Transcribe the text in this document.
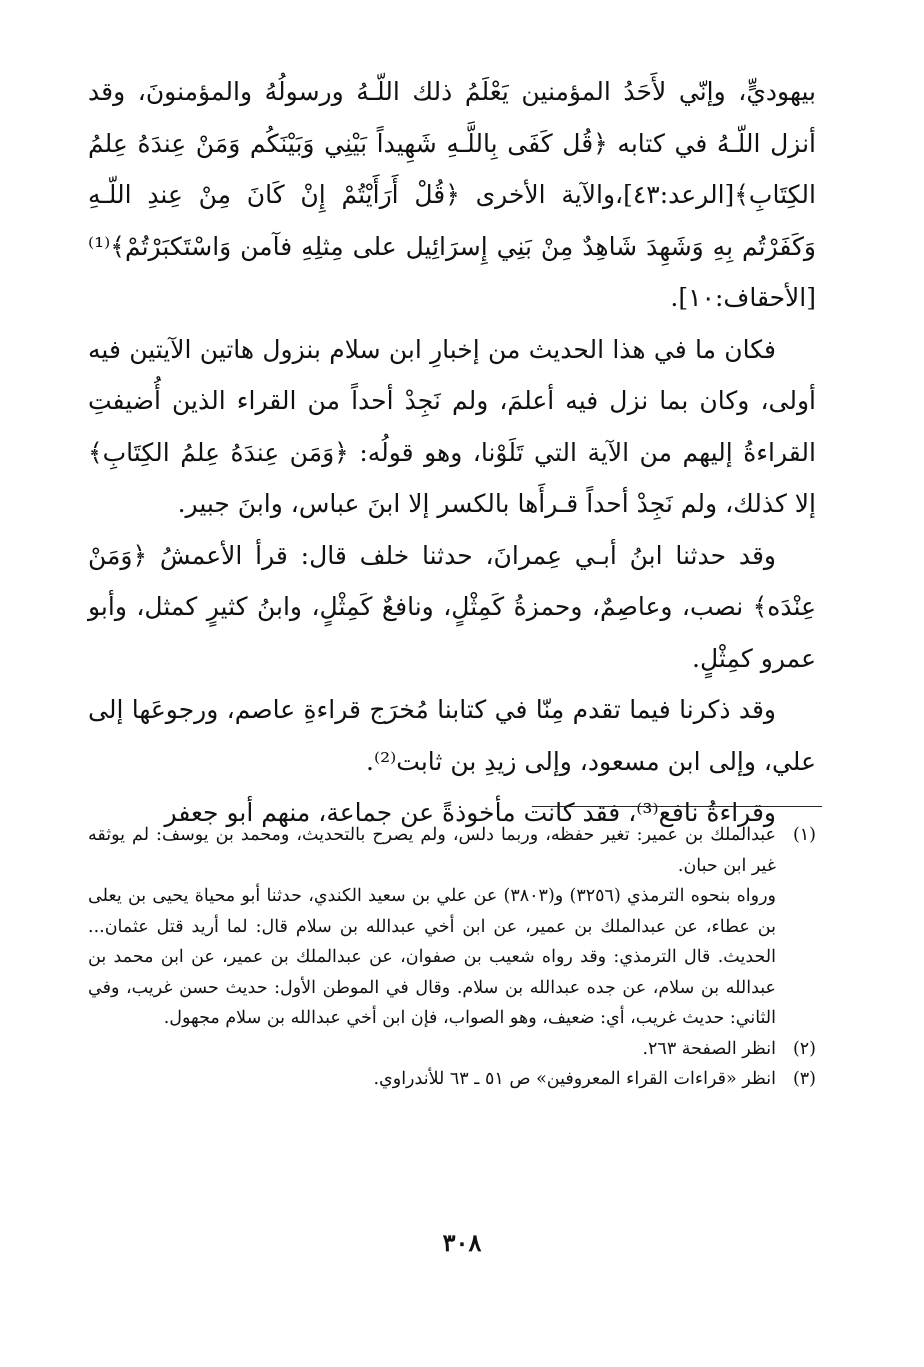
بيهوديٍّ، وإنّي لأَحَدُ المؤمنين يَعْلَمُ ذلك اللّـهُ ورسولُهُ والمؤمنونَ، وقد أنزل اللّـهُ في كتابه ﴿قُل كَفَى بِاللَّـهِ شَهِيداً بَيْنِي وَبَيْنَكُم وَمَنْ عِندَهُ عِلمُ الكِتَابِ﴾[الرعد:٤٣]،والآية الأخرى ﴿قُلْ أَرَأَيْتُمْ إِنْ كَانَ مِنْ عِندِ اللّـهِ وَكَفَرْتُم بِهِ وَشَهِدَ شَاهِدٌ مِنْ بَنِي إِسرَائِيل على مِثلِهِ فآمن وَاسْتَكبَرْتُمْ﴾⁽¹⁾ [الأحقاف:١٠].

فكان ما في هذا الحديث من إخبارِ ابن سلام بنزول هاتين الآيتين فيه أولى، وكان بما نزل فيه أعلمَ، ولم نَجِدْ أحداً من القراء الذين أُضيفتِ القراءةُ إليهم من الآية التي تَلَوْنا، وهو قولُه: ﴿وَمَن عِندَهُ عِلمُ الكِتَابِ﴾ إلا كذلك، ولم نَجِدْ أحداً قـرأَها بالكسر إلا ابنَ عباس، وابنَ جبير.

وقد حدثنا ابنُ أبـي عِمرانَ، حدثنا خلف قال: قرأ الأعمشُ ﴿وَمَنْ عِنْدَه﴾ نصب، وعاصِمٌ، وحمزةُ كَمِثْلٍ، ونافعٌ كَمِثْلٍ، وابنُ كثيرٍ كمثل، وأبو عمرو كمِثْلٍ.

وقد ذكرنا فيما تقدم مِنّا في كتابنا مُخرَج قراءةِ عاصم، ورجوعَها إلى علي، وإلى ابن مسعود، وإلى زيدِ بن ثابت⁽²⁾.

وقراءةُ نافع⁽³⁾، فقد كانت مأخوذةً عن جماعة، منهم أبو جعفر

(١)

عبدالملك بن عمير: تغير حفظه، وربما دلس، ولم يصرح بالتحديث، ومحمد بن يوسف: لم يوثقه غير ابن حبان.

ورواه بنحوه الترمذي (٣٢٥٦) و(٣٨٠٣) عن علي بن سعيد الكندي، حدثنا أبو محياة يحيى بن يعلى بن عطاء، عن عبدالملك بن عمير، عن ابن أخي عبدالله بن سلام قال: لما أريد قتل عثمان... الحديث. قال الترمذي: وقد رواه شعيب بن صفوان، عن عبدالملك بن عمير، عن ابن محمد بن عبدالله بن سلام، عن جده عبدالله بن سلام. وقال في الموطن الأول: حديث حسن غريب، وفي الثاني: حديث غريب، أي: ضعيف، وهو الصواب، فإن ابن أخي عبدالله بن سلام مجهول.

(٢)

انظر الصفحة ٢٦٣.

(٣)

انظر «قراءات القراء المعروفين» ص ٥١ ـ ٦٣ للأندراوي.

٣٠٨
